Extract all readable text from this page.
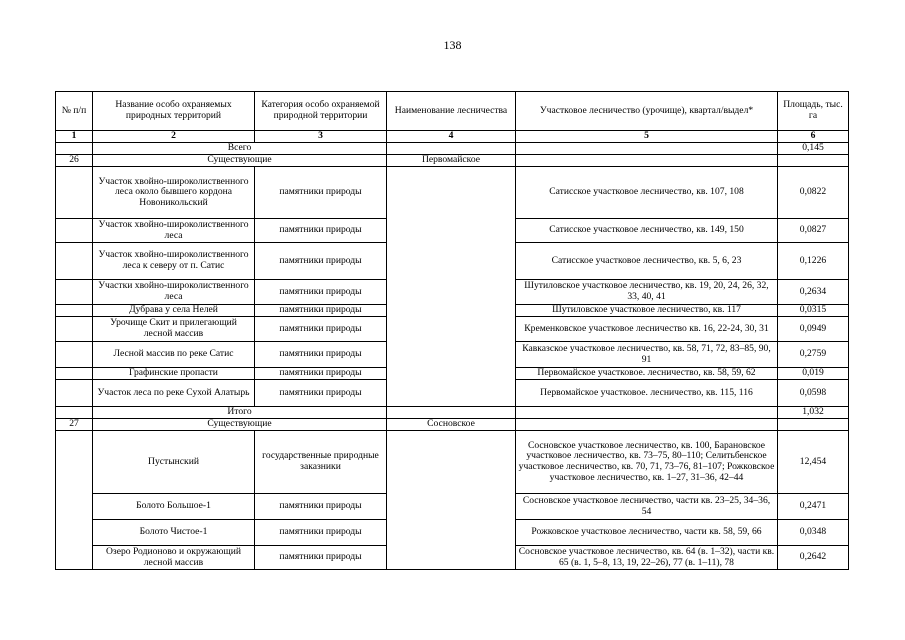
138
№ п/п	Название особо охраняемых природных территорий	Категория особо охраняемой природной территории	Наименование лесничества	Участковое лесничество (урочище), квартал/выдел*	Площадь, тыс. га
1	2	3	4	5	6
	Всего				0,145
26	Существующие		Первомайское		
	Участок хвойно-широколиственного леса около бывшего кордона Новоникольский	памятники природы		Сатисское участковое лесничество, кв. 107, 108	0,0822
	Участок хвойно-широколиственного леса	памятники природы		Сатисское участковое лесничество, кв. 149, 150	0,0827
	Участок хвойно-широколиственного леса к северу от п. Сатис	памятники природы		Сатисское участковое лесничество, кв. 5, 6, 23	0,1226
	Участки хвойно-широколиственного леса	памятники природы		Шутиловское участковое лесничество, кв. 19, 20, 24, 26, 32, 33, 40, 41	0,2634
	Дубрава у села Нелей	памятники природы		Шутиловское участковое лесничество, кв. 117	0,0315
	Урочище Скит и прилегающий лесной массив	памятники природы		Кременковское участковое лесничество кв. 16, 22-24, 30, 31	0,0949
	Лесной массив по реке Сатис	памятники природы		Кавказское участковое лесничество, кв. 58, 71, 72, 83–85, 90, 91	0,2759
	Графинские пропасти	памятники природы		Первомайское участковое. лесничество, кв. 58, 59, 62	0,019
	Участок леса по реке Сухой Алатырь	памятники природы		Первомайское участковое. лесничество, кв. 115, 116	0,0598
	Итого				1,032
27	Существующие		Сосновское		
	Пустынский	государственные природные заказники		Сосновское участковое лесничество, кв. 100, Барановское участковое лесничество, кв. 73–75, 80–110; Селитьбенское участковое лесничество, кв. 70, 71, 73–76, 81–107; Рожковское участковое лесничество, кв. 1–27, 31–36, 42–44	12,454
	Болото Большое-1	памятники природы		Сосновское участковое лесничество, части кв. 23–25, 34–36, 54	0,2471
	Болото Чистое-1	памятники природы		Рожковское участковое лесничество, части кв. 58, 59, 66	0,0348
	Озеро Родионово и окружающий лесной массив	памятники природы		Сосновское участковое лесничество, кв. 64 (в. 1–32), части кв. 65 (в. 1, 5–8, 13, 19, 22–26), 77 (в. 1–11), 78	0,2642
